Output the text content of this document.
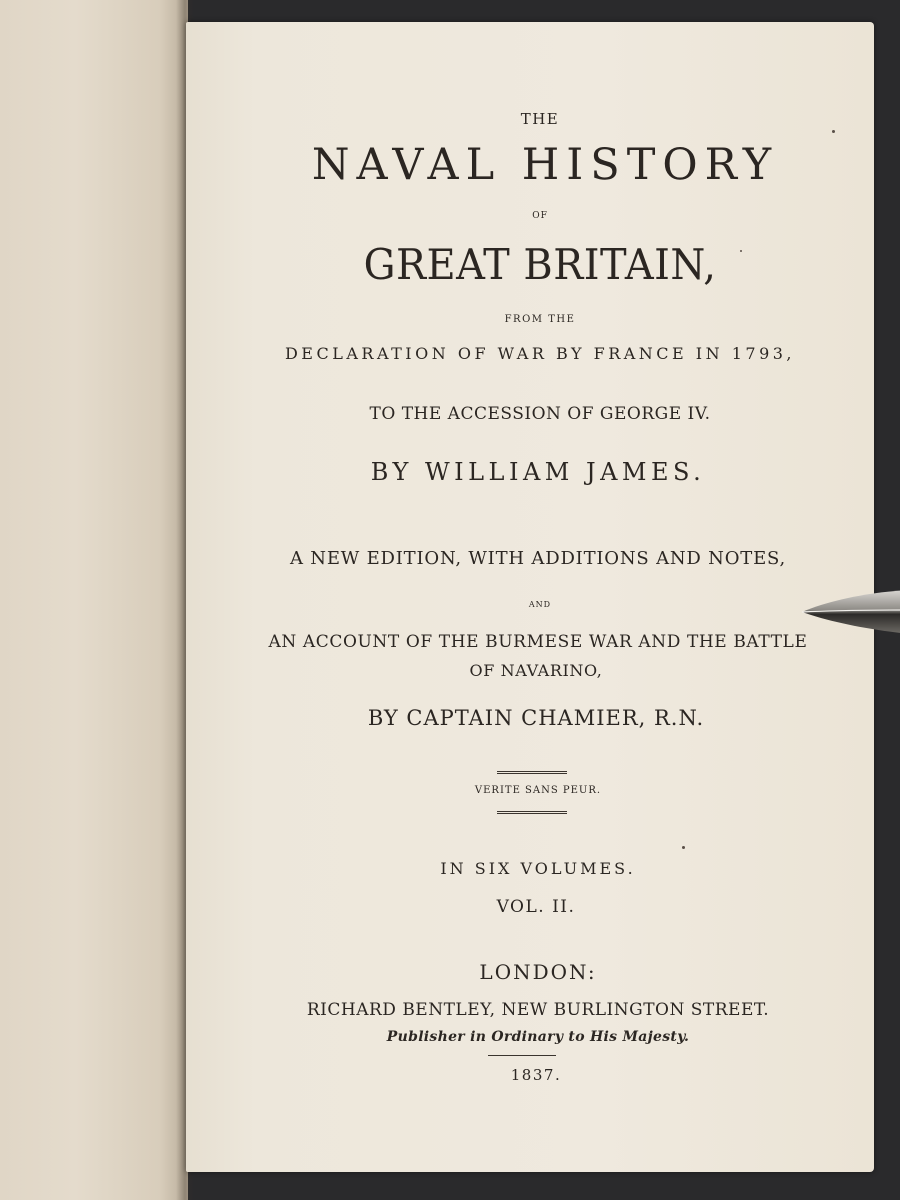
THE

NAVAL HISTORY

OF

GREAT BRITAIN,

FROM THE

DECLARATION OF WAR BY FRANCE IN 1793,

TO THE ACCESSION OF GEORGE IV.

BY WILLIAM JAMES.

A NEW EDITION, WITH ADDITIONS AND NOTES,

AND

AN ACCOUNT OF THE BURMESE WAR AND THE BATTLE

OF NAVARINO,

BY CAPTAIN CHAMIER, R.N.

VERITE SANS PEUR.

IN SIX VOLUMES.

VOL. II.

LONDON:

RICHARD BENTLEY, NEW BURLINGTON STREET.

Publisher in Ordinary to His Majesty.

1837.
